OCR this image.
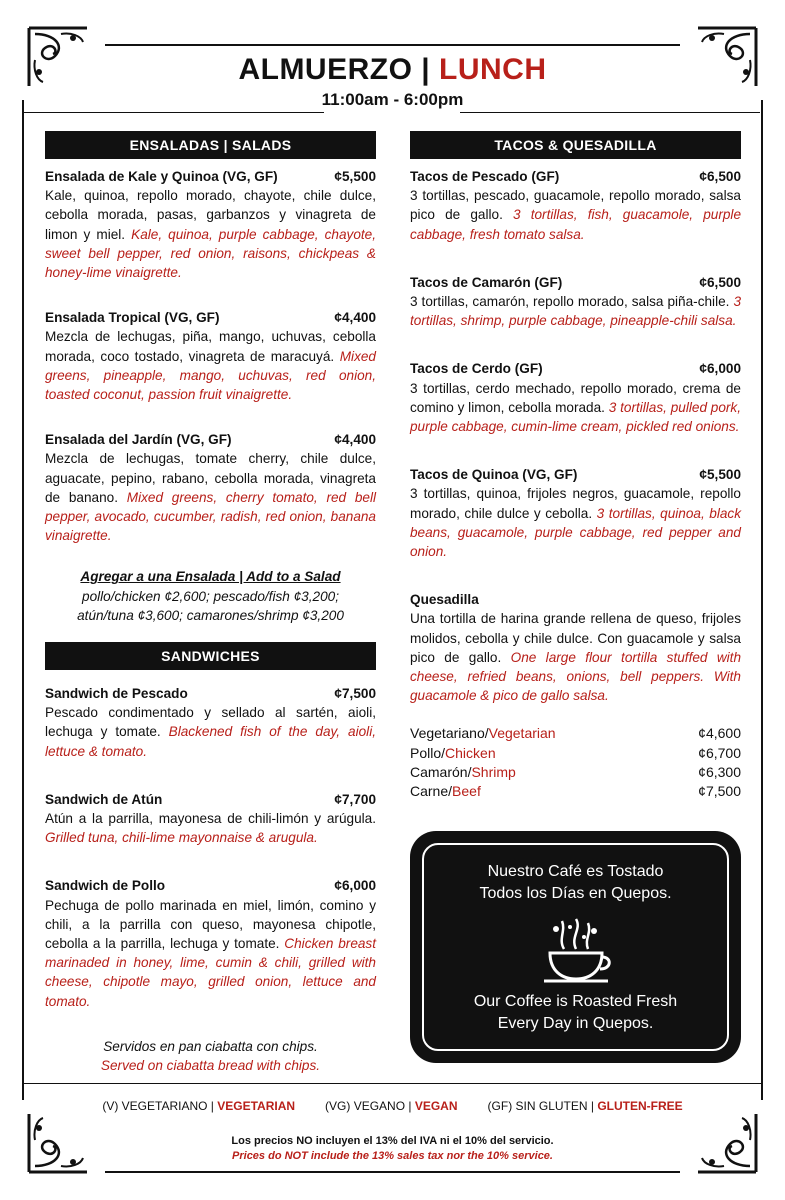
ALMUERZO | LUNCH
11:00am - 6:00pm
ENSALADAS | SALADS
Ensalada de Kale y Quinoa (VG, GF)	¢5,500
Kale, quinoa, repollo morado, chayote, chile dulce, cebolla morada, pasas, garbanzos y vinagreta de limon y miel. Kale, quinoa, purple cabbage, chayote, sweet bell pepper, red onion, raisons, chickpeas & honey-lime vinaigrette.
Ensalada Tropical (VG, GF)	¢4,400
Mezcla de lechugas, piña, mango, uchuvas, cebolla morada, coco tostado, vinagreta de maracuyá. Mixed greens, pineapple, mango, uchuvas, red onion, toasted coconut, passion fruit vinaigrette.
Ensalada del Jardín (VG, GF)	¢4,400
Mezcla de lechugas, tomate cherry, chile dulce, aguacate, pepino, rabano, cebolla morada, vinagreta de banano. Mixed greens, cherry tomato, red bell pepper, avocado, cucumber, radish, red onion, banana vinaigrette.
Agregar a una Ensalada | Add to a Salad
pollo/chicken ¢2,600; pescado/fish ¢3,200;
atún/tuna ¢3,600; camarones/shrimp ¢3,200
SANDWICHES
Sandwich de Pescado	¢7,500
Pescado condimentado y sellado al sartén, aioli, lechuga y tomate. Blackened fish of the day, aioli, lettuce & tomato.
Sandwich de Atún	¢7,700
Atún a la parrilla, mayonesa de chili-limón y arúgula. Grilled tuna, chili-lime mayonnaise & arugula.
Sandwich de Pollo	¢6,000
Pechuga de pollo marinada en miel, limón, comino y chili, a la parrilla con queso, mayonesa chipotle, cebolla a la parrilla, lechuga y tomate. Chicken breast marinaded in honey, lime, cumin & chili, grilled with cheese, chipotle mayo, grilled onion, lettuce and tomato.
Servidos en pan ciabatta con chips.
Served on ciabatta bread with chips.
TACOS & QUESADILLA
Tacos de Pescado (GF)	¢6,500
3 tortillas, pescado, guacamole, repollo morado, salsa pico de gallo. 3 tortillas, fish, guacamole, purple cabbage, fresh tomato salsa.
Tacos de Camarón (GF)	¢6,500
3 tortillas, camarón, repollo morado, salsa piña-chile. 3 tortillas, shrimp, purple cabbage, pineapple-chili salsa.
Tacos de Cerdo (GF)	¢6,000
3 tortillas, cerdo mechado, repollo morado, crema de comino y limon, cebolla morada. 3 tortillas, pulled pork, purple cabbage, cumin-lime cream, pickled red onions.
Tacos de Quinoa (VG, GF)	¢5,500
3 tortillas, quinoa, frijoles negros, guacamole, repollo morado, chile dulce y cebolla. 3 tortillas, quinoa, black beans, guacamole, purple cabbage, red pepper and onion.
Quesadilla
Una tortilla de harina grande rellena de queso, frijoles molidos, cebolla y chile dulce. Con guacamole y salsa pico de gallo. One large flour tortilla stuffed with cheese, refried beans, onions, bell peppers. With guacamole & pico de gallo salsa.
Vegetariano/Vegetarian	¢4,600
Pollo/Chicken	¢6,700
Camarón/Shrimp	¢6,300
Carne/Beef	¢7,500
Nuestro Café es Tostado
Todos los Días en Quepos.
Our Coffee is Roasted Fresh
Every Day in Quepos.
(V) VEGETARIANO | VEGETARIAN	(VG) VEGANO | VEGAN	(GF) SIN GLUTEN | GLUTEN-FREE
Los precios NO incluyen el 13% del IVA ni el 10% del servicio.
Prices do NOT include the 13% sales tax nor the 10% service.
